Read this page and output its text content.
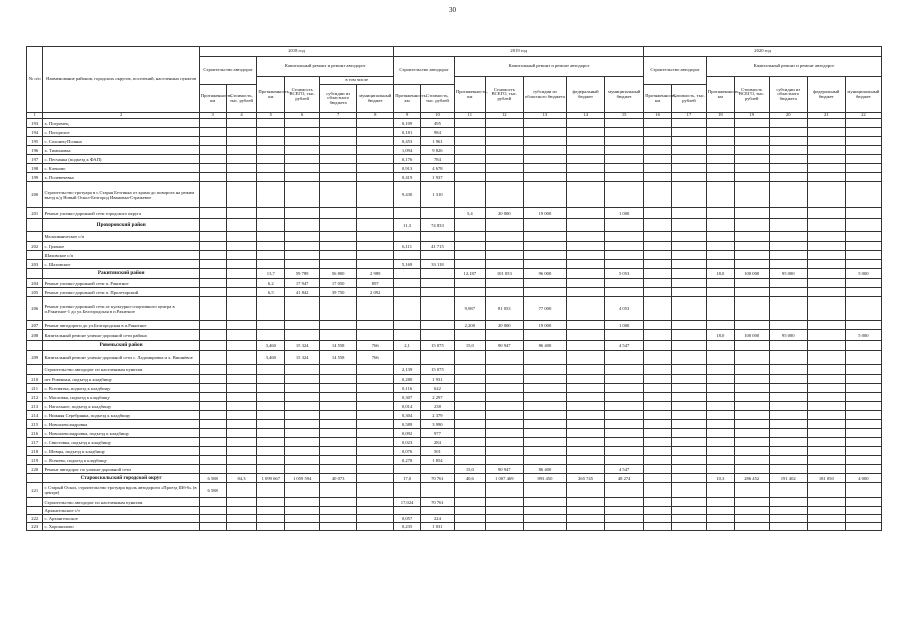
30
№ п/п	Наименование районов, городских округов, поселений, населенных пунктов	2018 год						2019 год							2020 год						
		Строительство автодорог		Капитальный ремонт и ремонт автодорог				Строительство автодорог		Капитальный ремонт и ремонт автодорог					Строительство автодорог		Капитальный ремонт и ремонт автодорог				
				Протяженность, км	Стоимость ВСЕГО, тыс. рублей	в том числе				Протяженность, км	Стоимость ВСЕГО, тыс. рублей	субсидии из областного бюджета	федеральный бюджет	муниципальный бюджет			Протяженность, км	Стоимость ВСЕГО, тыс. рублей	субсидии из областного бюджета	федеральный бюджет	муниципальный бюджет
		Протяженность, км	Стоимость, тыс. рублей			субсидии из областного бюджета	муниципальный бюджет	Протяженность, км	Стоимость, тыс. рублей						Протяженность, км	Стоимость, тыс. рублей					
1	2	3	4	5	6	7	8	9	10	11	12	13	14	15	16	17	18	19	20	21	22
193	х. Погромец							0,109	495												
194	с. Погорелое							0,181	984												
195	с. Солонец-Поляна							0,453	1 961												
196	х. Тимоновка							1,094	9 826												
197	с. Песчанка (подъезд к ФАП)							0,176	784												
198	с. Кленово							0,913	4 678												
199	х. Полевечевка							0,419	1 937												
200	Строительство тротуара в с.Старая Безгинка от храма до поворота на режим въезд к/д Новый Оскол-Белгород Ивановка-Стражевое							9,430	1 310												
201	Ремонт улично-дорожной сети городского округа									5,4	20 000	19 000		1 000							
	Прохоровский район							11,3	74 833												
	Малоиванческое с/п																				
202	с. Грязное							6,111	41 715												
	Шаховское с/п																				
203	с. Шаховское							5,169	33 118												
	Ракитянский район			13,7	59 789	56 800	2 989			12,187	101 053	96 000		5 053			18,0	100 000	95 000		5 000
204	Ремонт улично-дорожной сети п. Ракитное			6,2	17 947	17 050	897														
205	Ремонт улично-дорожной сети п. Пролетарский			6,5	41 842	39 750	2 092														
206	Ремонт улично-дорожной сети от культурно-спортивного центра в п.Ракитное-1 до ул.Белгородская в п.Ракитное									9,987	81 053	77 000		4 053							
207	Ремонт автодороги до ул.Белгородская в п.Ракитное									2,200	20 000	19 000		1 000							
208	Капитальный ремонт улично-дорожной сети района																18,0	100 000	95 000		5 000
	Ровеньский район			3,460	15 324	14 558	766	2,1	15 075	15,0	90 947	86 400		4 547							
209	Капитальный ремонт улично-дорожной сети с. Ладомировка и х. Вишнёвое			3,460	15 324	14 558	766														
	Строительство автодорог по населенным пунктам							2,139	15 075												
210	пгт Ровеньки, подъезд к кладбищу							0,280	1 931												
211	с. Всесвятка, подъезд к кладбищу							0,116	622												
212	с. Масловка, подъезд к кладбищу							0,307	2 297												
213	с. Нагольное, подъезд к кладбищу							0,014	238												
214	с. Нижняя Серебрянка, подъезд к кладбищу							0,304	2 379												
215	с. Новоалександровка							0,589	3 990												
216	с. Новоалександровка, подъезд к кладбищу							0,092	977												
217	с. Свистовка, подъезд к кладбищу							0,023	284												
218	с. Шевцы, подъезд к кладбищу							0,076	501												
219	с. Ясенево, подъезд к кладбищу							0,278	1 854												
220	Ремонт автодорог по улично-дорожной сети									15,0	90 947	86 400		4 547							
	Старооскольский городской округ	6 588	84,3	1 099 667	1 059 594	40 073		17,0	70 761	40,6	1 007 469	893 450	265 745	48 274			10,3	286 452	191 402	181 050	4 000
221	г. Старый Оскол, строительство тротуара вдоль автодороги «Проезд Шб-6» (в центре)	6 588																			
	Строительство автодорог по населенным пунктам							17,024	70 761												
	Архангельское с/т																				
222	с. Архангельское							0,057	224												
223	с. Хорошилово							0,235	1 031												
